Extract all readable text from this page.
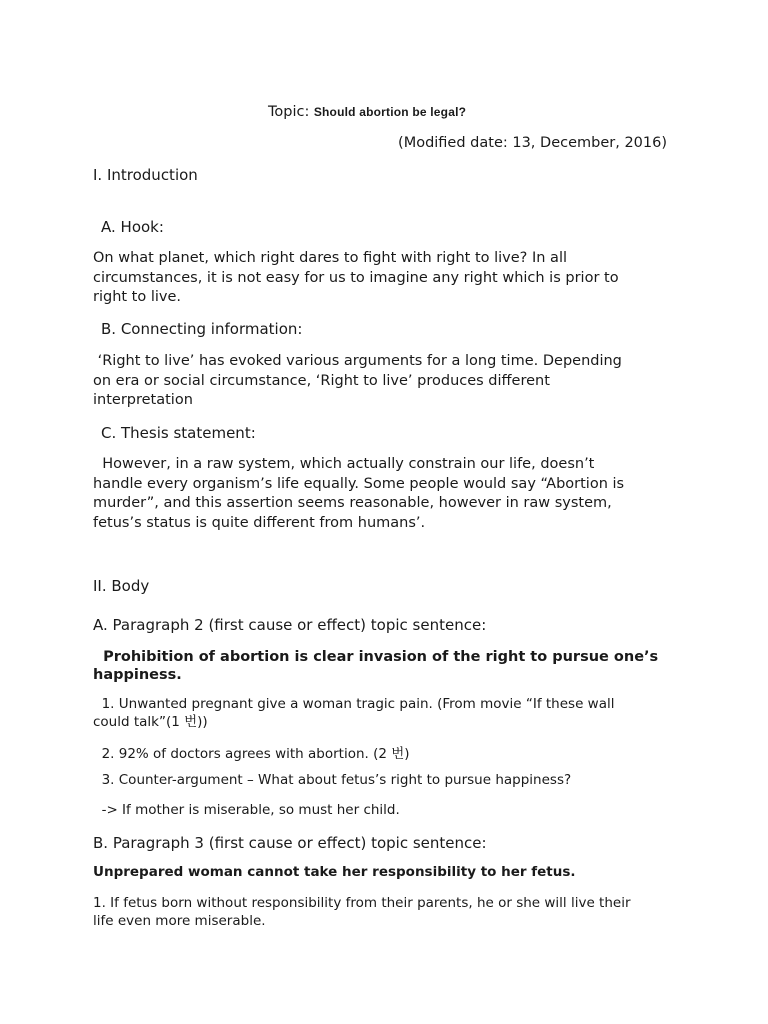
Topic: Should abortion be legal?
(Modified date: 13, December, 2016)
I. Introduction
A. Hook:
On what planet, which right dares to fight with right to live? In all
circumstances, it is not easy for us to imagine any right which is prior to
right to live.
B. Connecting information:
‘Right to live’ has evoked various arguments for a long time. Depending
on era or social circumstance, ‘Right to live’ produces different
interpretation
C. Thesis statement:
However, in a raw system, which actually constrain our life, doesn’t
handle every organism’s life equally. Some people would say “Abortion is
murder”, and this assertion seems reasonable, however in raw system,
fetus’s status is quite different from humans’.
II. Body
A. Paragraph 2 (first cause or effect) topic sentence:
Prohibition of abortion is clear invasion of the right to pursue one’s
happiness.
1. Unwanted pregnant give a woman tragic pain. (From movie “If these wall
could talk”(1 번))
2. 92% of doctors agrees with abortion. (2 번)
3. Counter-argument – What about fetus’s right to pursue happiness?
-> If mother is miserable, so must her child.
B. Paragraph 3 (first cause or effect) topic sentence:
Unprepared woman cannot take her responsibility to her fetus.
1. If fetus born without responsibility from their parents, he or she will live their
life even more miserable.
